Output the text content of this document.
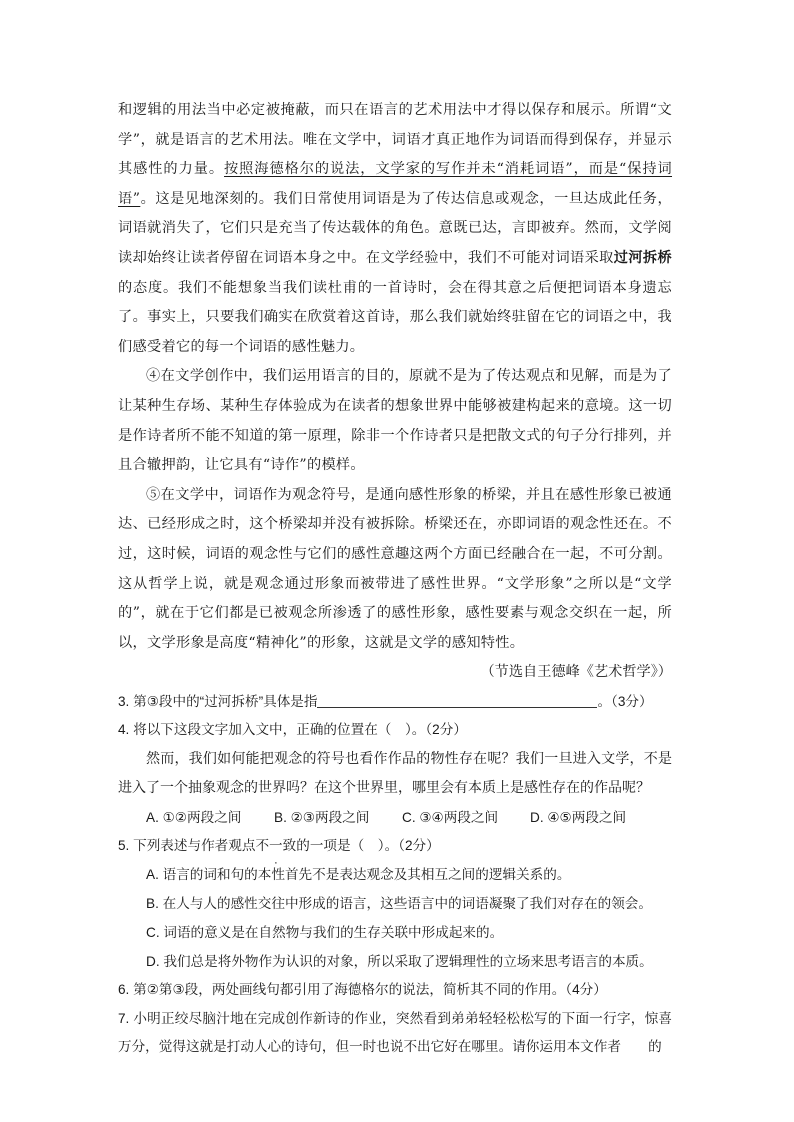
和逻辑的用法当中必定被掩蔽，而只在语言的艺术用法中才得以保存和展示。所谓“文学”，就是语言的艺术用法。唯在文学中，词语才真正地作为词语而得到保存，并显示其感性的力量。按照海德格尔的说法，文学家的写作并未“消耗词语”，而是“保持词语”。这是见地深刻的。我们日常使用词语是为了传达信息或观念，一旦达成此任务，词语就消失了，它们只是充当了传达载体的角色。意既已达，言即被弃。然而，文学阅读却始终让读者停留在词语本身之中。在文学经验中，我们不可能对词语采取过河拆桥的态度。我们不能想象当我们读杜甫的一首诗时，会在得其意之后便把词语本身遗忘了。事实上，只要我们确实在欣赏着这首诗，那么我们就始终驻留在它的词语之中，我们感受着它的每一个词语的感性魅力。

④在文学创作中，我们运用语言的目的，原就不是为了传达观点和见解，而是为了让某种生存场、某种生存体验成为在读者的想象世界中能够被建构起来的意境。这一切是作诗者所不能不知道的第一原理，除非一个作诗者只是把散文式的句子分行排列，并且合辙押韵，让它具有“诗作”的模样。

⑤在文学中，词语作为观念符号，是通向感性形象的桥梁，并且在感性形象已被通达、已经形成之时，这个桥梁却并没有被拆除。桥梁还在，亦即词语的观念性还在。不过，这时候，词语的观念性与它们的感性意趣这两个方面已经融合在一起，不可分割。这从哲学上说，就是观念通过形象而被带进了感性世界。“文学形象”之所以是“文学的”，就在于它们都是已被观念所渗透了的感性形象，感性要素与观念交织在一起，所以，文学形象是高度“精神化”的形象，这就是文学的感知特性。

（节选自王德峰《艺术哲学》）

3. 第③段中的“过河拆桥”具体是指	。（3分）

4. 将以下这段文字加入文中，正确的位置在（　）。（2分）

然而，我们如何能把观念的符号也看作作品的物性存在呢？我们一旦进入文学，不是进入了一个抽象观念的世界吗？在这个世界里，哪里会有本质上是感性存在的作品呢？

A. ①②两段之间	B. ②③两段之间	C. ③④两段之间	D. ④⑤两段之间

5. 下列表述与作者观点不一致的一项是（　）。（2分）

A. 语言的词和句的本性首先不是表达观念及其相互之间的逻辑关系的。

B. 在人与人的感性交往中形成的语言，这些语言中的词语凝聚了我们对存在的领会。

C. 词语的意义是在自然物与我们的生存关联中形成起来的。

D. 我们总是将外物作为认识的对象，所以采取了逻辑理性的立场来思考语言的本质。

6. 第②第③段，两处画线句都引用了海德格尔的说法，简析其不同的作用。（4分）

7. 小明正绞尽脑汁地在完成创作新诗的作业，突然看到弟弟轻轻松松写的下面一行字，惊喜万分，觉得这就是打动人心的诗句，但一时也说不出它好在哪里。请你运用本文作者　　的
